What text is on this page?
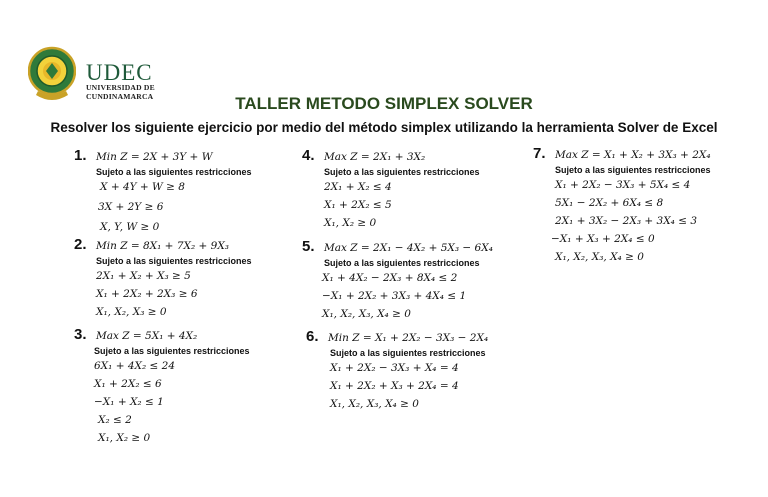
UDEC
UNIVERSIDAD DE
CUNDINAMARCA	TALLER METODO SIMPLEX SOLVER
Resolver los siguiente ejercicio por medio del método simplex utilizando la herramienta Solver de Excel
1. Min Z = 2X + 3Y + W
Sujeto a las siguientes restricciones
X + 4Y + W ≥ 8
3X + 2Y ≥ 6
X, Y, W ≥ 0
2. Min Z = 8X₁ + 7X₂ + 9X₃
Sujeto a las siguientes restricciones
2X₁ + X₂ + X₃ ≥ 5
X₁ + 2X₂ + 2X₃ ≥ 6
X₁, X₂, X₃ ≥ 0
3. Max Z = 5X₁ + 4X₂
Sujeto a las siguientes restricciones
6X₁ + 4X₂ ≤ 24
X₁ + 2X₂ ≤ 6
−X₁ + X₂ ≤ 1
X₂ ≤ 2
X₁, X₂ ≥ 0
4. Max Z = 2X₁ + 3X₂
Sujeto a las siguientes restricciones
2X₁ + X₂ ≤ 4
X₁ + 2X₂ ≤ 5
X₁, X₂ ≥ 0
5. Max Z = 2X₁ − 4X₂ + 5X₃ − 6X₄
Sujeto a las siguientes restricciones
X₁ + 4X₂ − 2X₃ + 8X₄ ≤ 2
−X₁ + 2X₂ + 3X₃ + 4X₄ ≤ 1
X₁, X₂, X₃, X₄ ≥ 0
6. Min Z = X₁ + 2X₂ − 3X₃ − 2X₄
Sujeto a las siguientes restricciones
X₁ + 2X₂ − 3X₃ + X₄ = 4
X₁ + 2X₂ + X₃ + 2X₄ = 4
X₁, X₂, X₃, X₄ ≥ 0
7. Max Z = X₁ + X₂ + 3X₃ + 2X₄
Sujeto a las siguientes restricciones
X₁ + 2X₂ − 3X₃ + 5X₄ ≤ 4
5X₁ − 2X₂ + 6X₄ ≤ 8
2X₁ + 3X₂ − 2X₃ + 3X₄ ≤ 3
−X₁ + X₃ + 2X₄ ≤ 0
X₁, X₂, X₃, X₄ ≥ 0
